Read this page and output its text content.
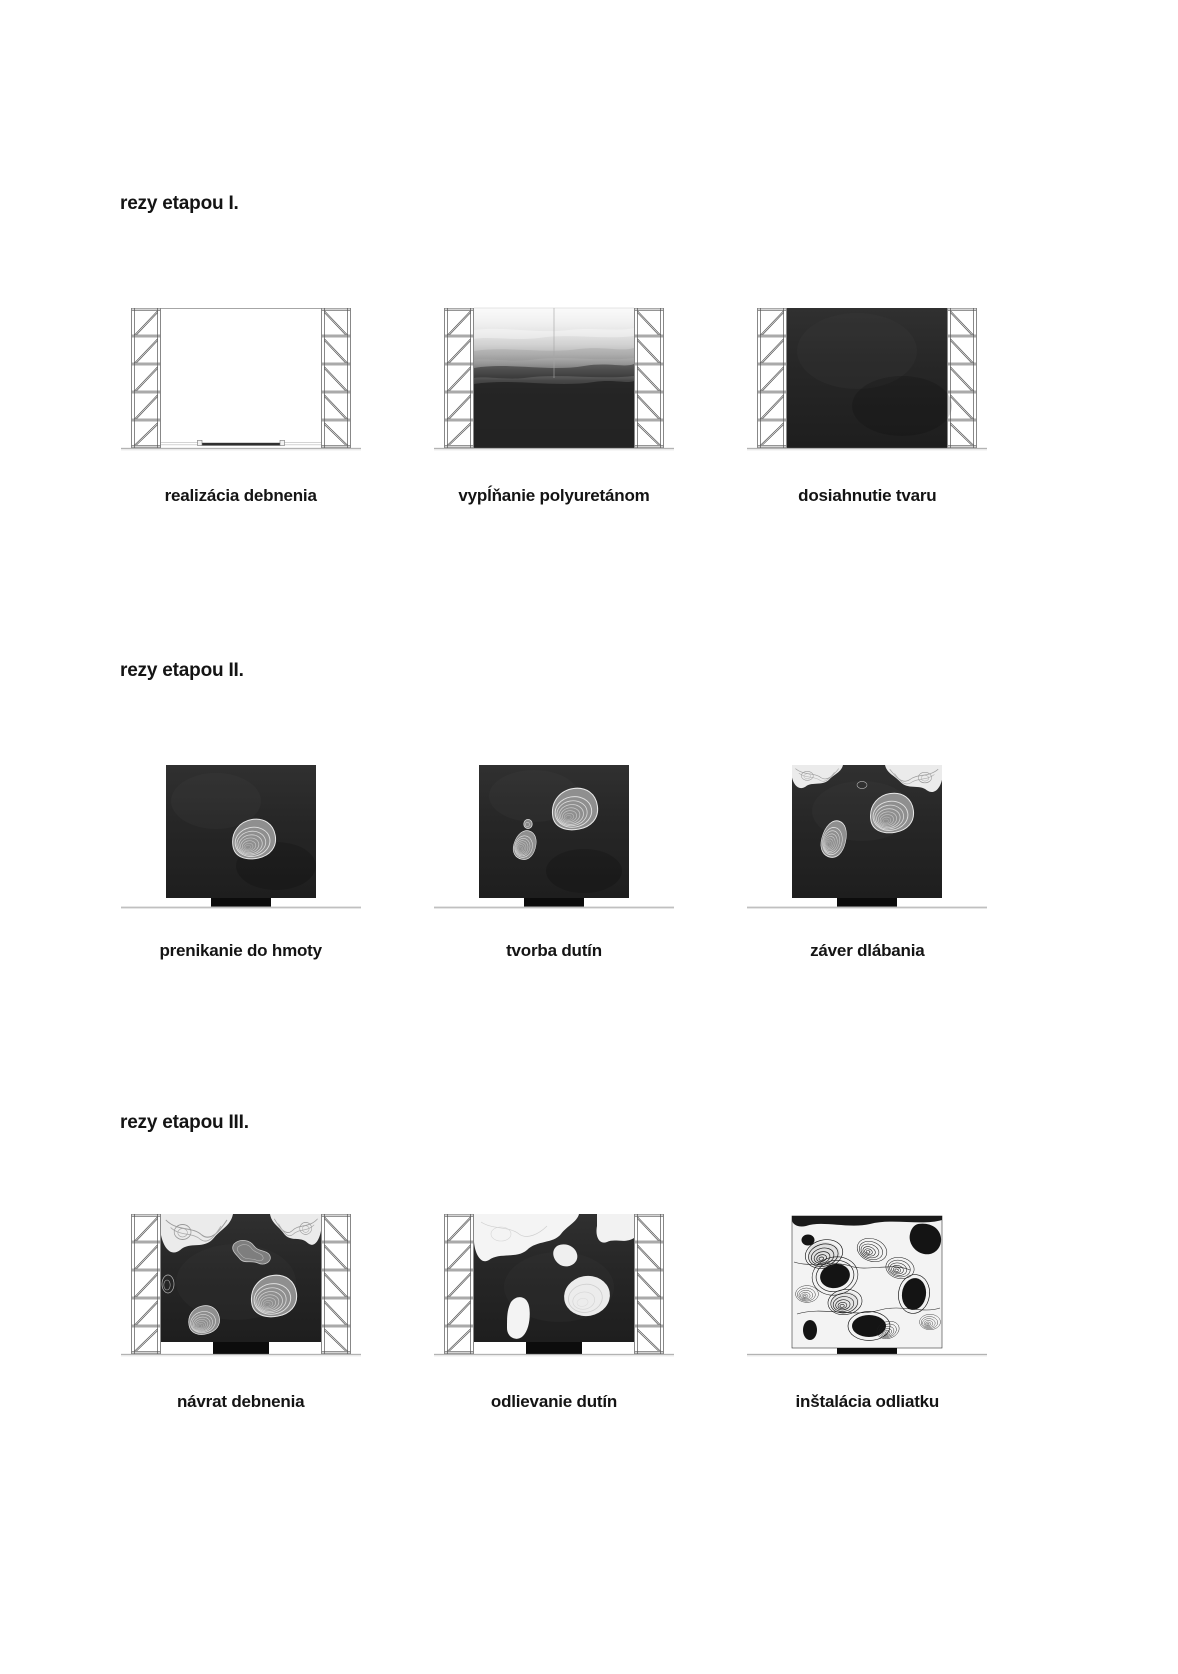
rezy etapou I.
realizácia debnenia	vypĺňanie polyuretánom	dosiahnutie tvaru
rezy etapou II.
prenikanie do hmoty	tvorba dutín	záver dlábania
rezy etapou III.
návrat debnenia	odlievanie dutín	inštalácia odliatku
